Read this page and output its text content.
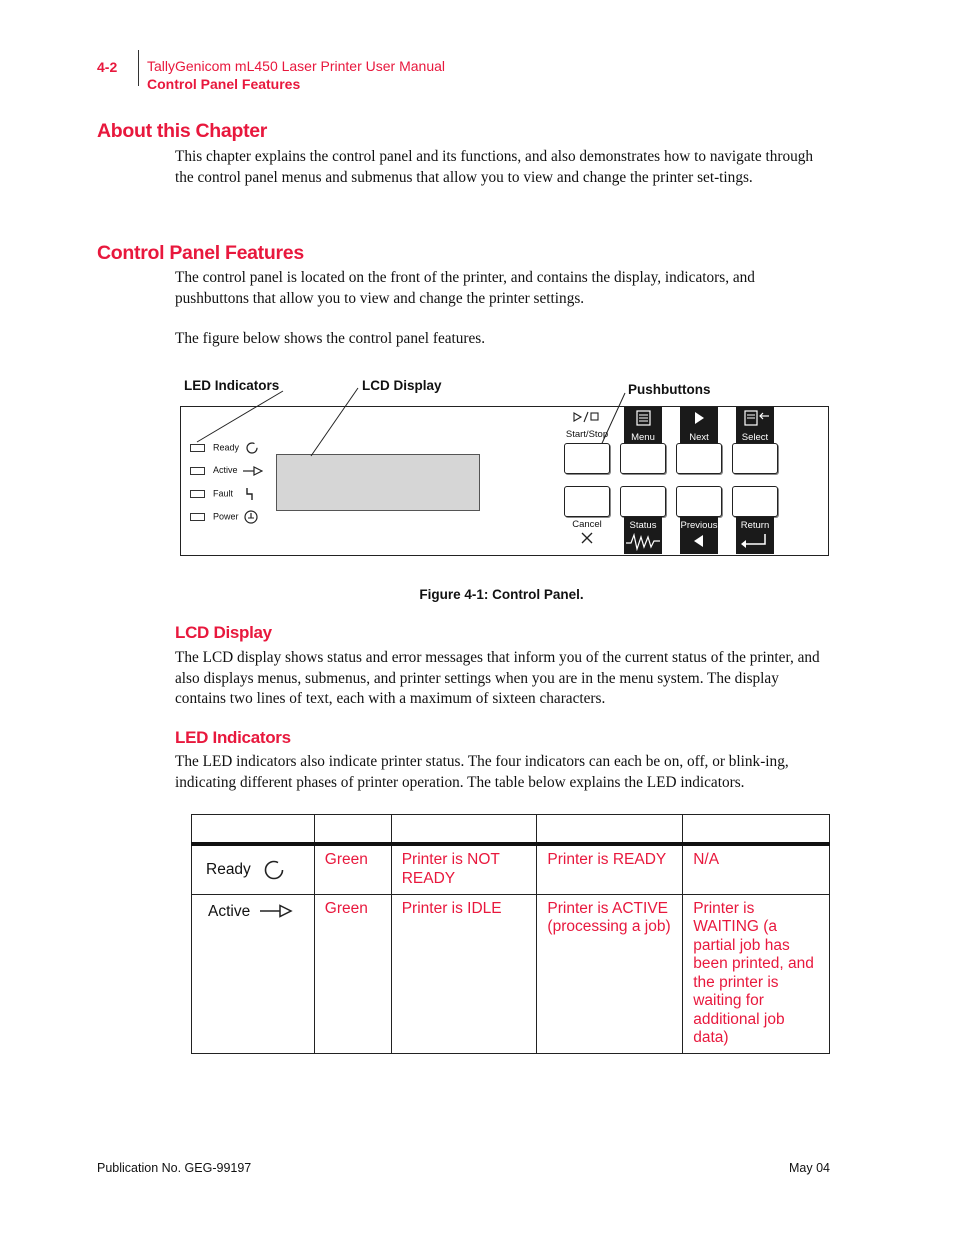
4-2 TallyGenicom mL450 Laser Printer User Manual
Control Panel Features
About this Chapter

This chapter explains the control panel and its functions, and also demonstrates how to navigate through the control panel menus and submenus that allow you to view and change the printer set-tings.

Control Panel Features

The control panel is located on the front of the printer, and contains the display, indicators, and pushbuttons that allow you to view and change the printer settings.

The figure below shows the control panel features.

LED Indicators	LCD Display	Pushbuttons
Ready
Active
Fault
Power
Start/Stop	Menu	Next	Select
Cancel	Status	Previous	Return
Figure 4-1: Control Panel.
LCD Display

The LCD display shows status and error messages that inform you of the current status of the printer, and also displays menus, submenus, and printer settings when you are in the menu system. The display contains two lines of text, each with a maximum of sixteen characters.

LED Indicators

The LED indicators also indicate printer status. The four indicators can each be on, off, or blink-ing, indicating different phases of printer operation. The table below explains the LED indicators.

Ready	Green	Printer is NOT READY	Printer is READY	N/A
Active	Green	Printer is IDLE	Printer is ACTIVE (processing a job)	Printer is WAITING (a partial job has been printed, and the printer is waiting for additional job data)
Publication No. GEG-99197	May 04
